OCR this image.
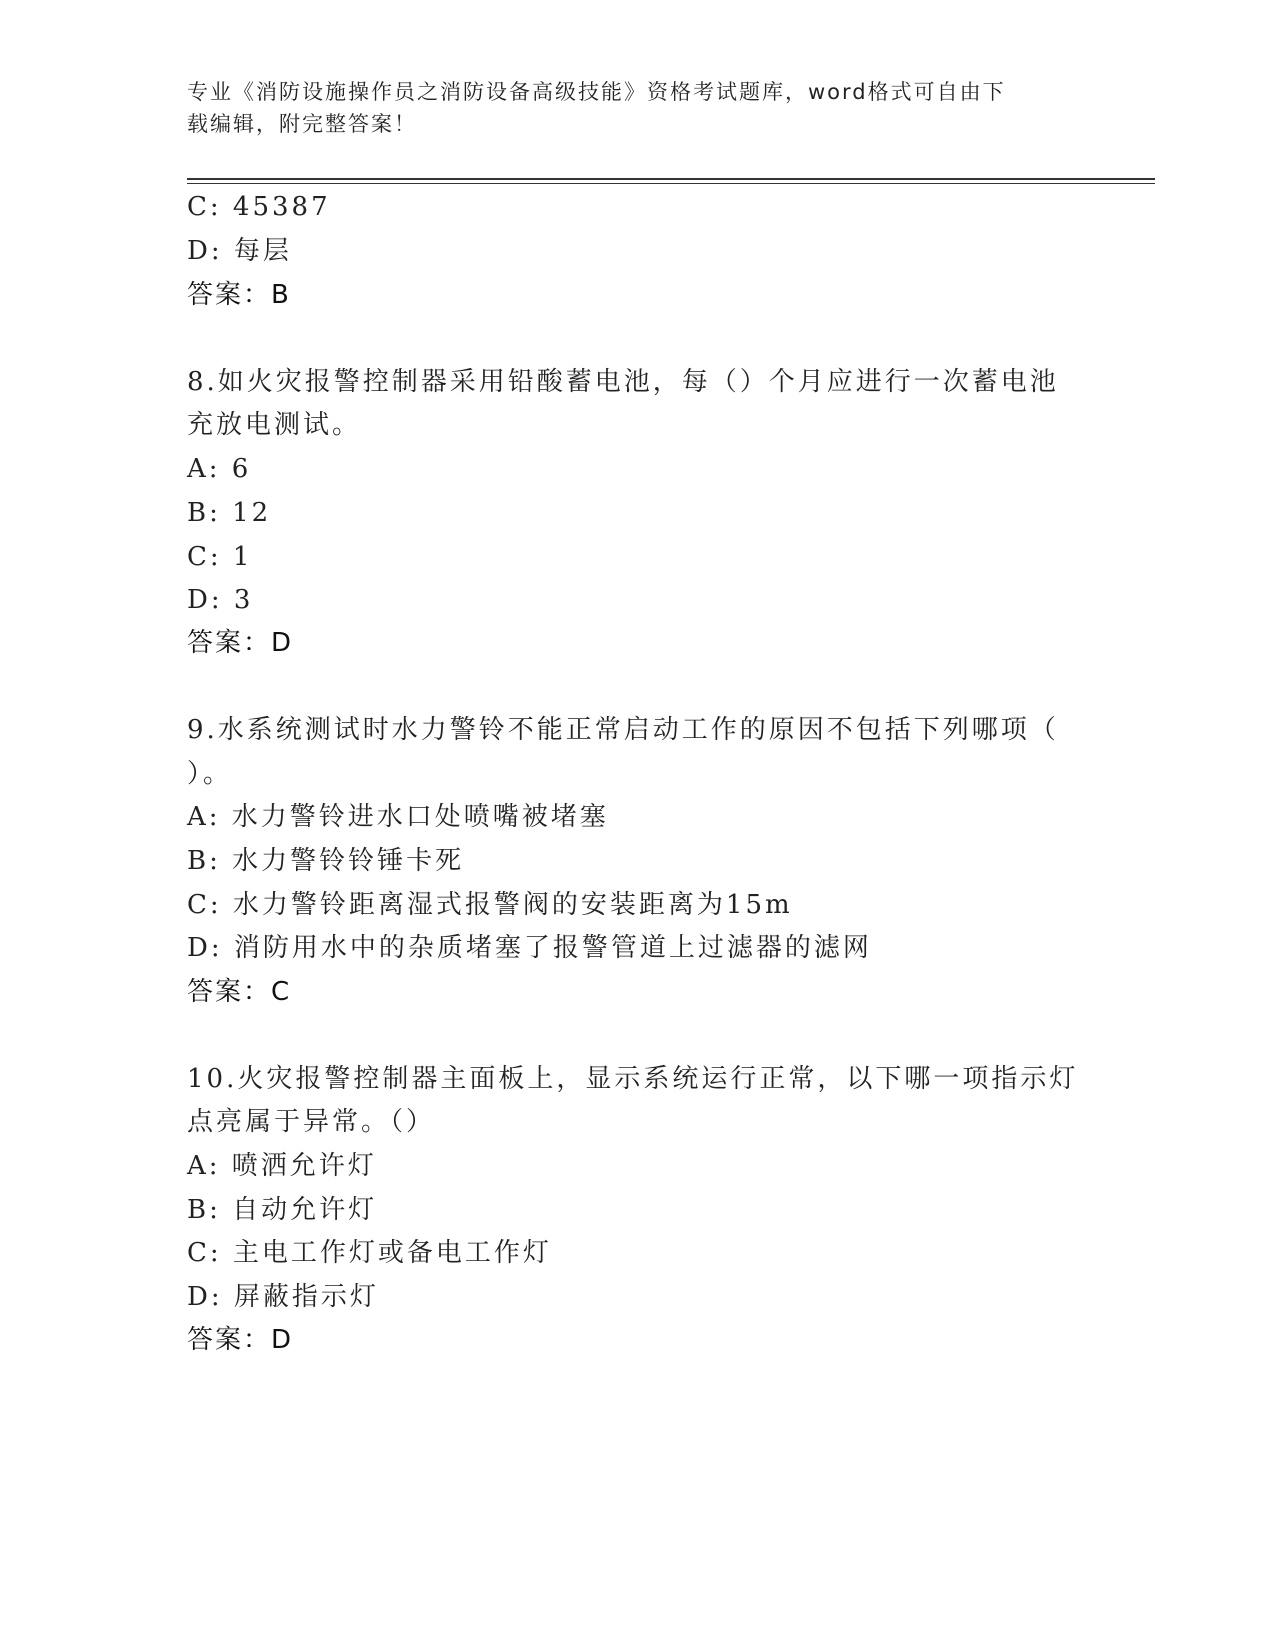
专业《消防设施操作员之消防设备高级技能》资格考试题库，word格式可自由下
载编辑，附完整答案！
C: 45387
D: 每层
答案：B
8.如火灾报警控制器采用铅酸蓄电池，每（）个月应进行一次蓄电池
充放电测试。
A: 6
B: 12
C: 1
D: 3
答案：D
9.水系统测试时水力警铃不能正常启动工作的原因不包括下列哪项（
）。
A: 水力警铃进水口处喷嘴被堵塞
B: 水力警铃铃锤卡死
C: 水力警铃距离湿式报警阀的安装距离为15m
D: 消防用水中的杂质堵塞了报警管道上过滤器的滤网
答案：C
10.火灾报警控制器主面板上，显示系统运行正常，以下哪一项指示灯
点亮属于异常。（）
A: 喷洒允许灯
B: 自动允许灯
C: 主电工作灯或备电工作灯
D: 屏蔽指示灯
答案：D
